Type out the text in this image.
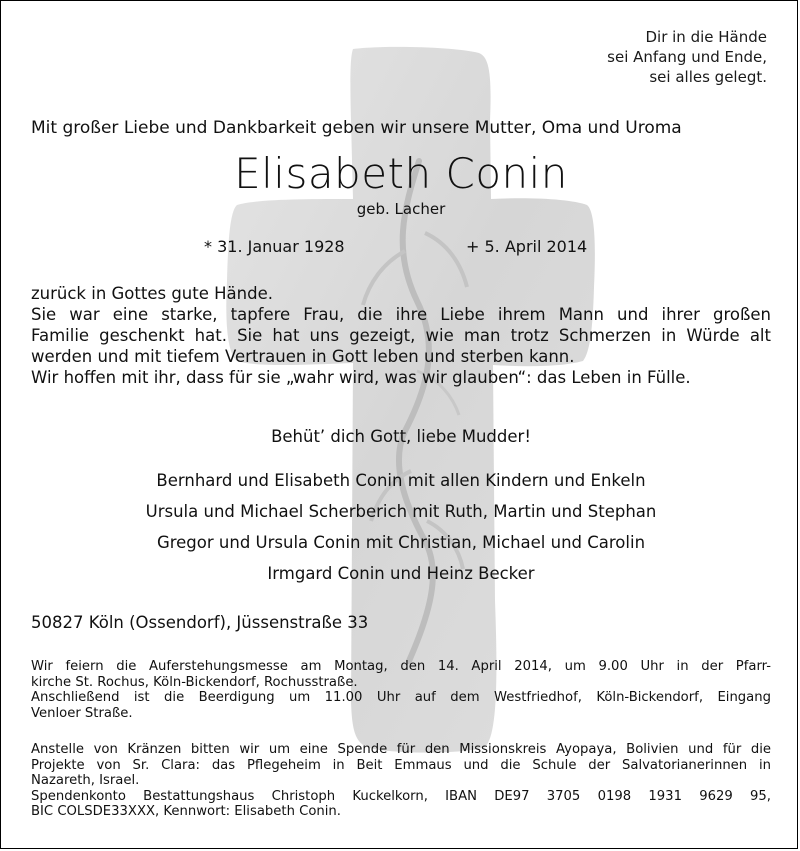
Dir in die Hände
sei Anfang und Ende,
sei alles gelegt.
Mit großer Liebe und Dankbarkeit geben wir unsere Mutter, Oma und Uroma
Elisabeth Conin
geb. Lacher
* 31. Januar 1928	+ 5. April 2014
zurück in Gottes gute Hände.
Sie war eine starke, tapfere Frau, die ihre Liebe ihrem Mann und ihrer großen
Familie geschenkt hat. Sie hat uns gezeigt, wie man trotz Schmerzen in Würde alt
werden und mit tiefem Vertrauen in Gott leben und sterben kann.
Wir hoffen mit ihr, dass für sie „wahr wird, was wir glauben“: das Leben in Fülle.
Behüt’ dich Gott, liebe Mudder!
Bernhard und Elisabeth Conin mit allen Kindern und Enkeln
Ursula und Michael Scherberich mit Ruth, Martin und Stephan
Gregor und Ursula Conin mit Christian, Michael und Carolin
Irmgard Conin und Heinz Becker
50827 Köln (Ossendorf), Jüssenstraße 33
Wir feiern die Auferstehungsmesse am Montag, den 14. April 2014, um 9.00 Uhr in der Pfarr-
kirche St. Rochus, Köln-Bickendorf, Rochusstraße.
Anschließend ist die Beerdigung um 11.00 Uhr auf dem Westfriedhof, Köln-Bickendorf, Eingang
Venloer Straße.
Anstelle von Kränzen bitten wir um eine Spende für den Missionskreis Ayopaya, Bolivien und für die
Projekte von Sr. Clara: das Pflegeheim in Beit Emmaus und die Schule der Salvatorianerinnen in
Nazareth, Israel.
Spendenkonto Bestattungshaus Christoph Kuckelkorn, IBAN DE97 3705 0198 1931 9629 95,
BIC COLSDE33XXX, Kennwort: Elisabeth Conin.
